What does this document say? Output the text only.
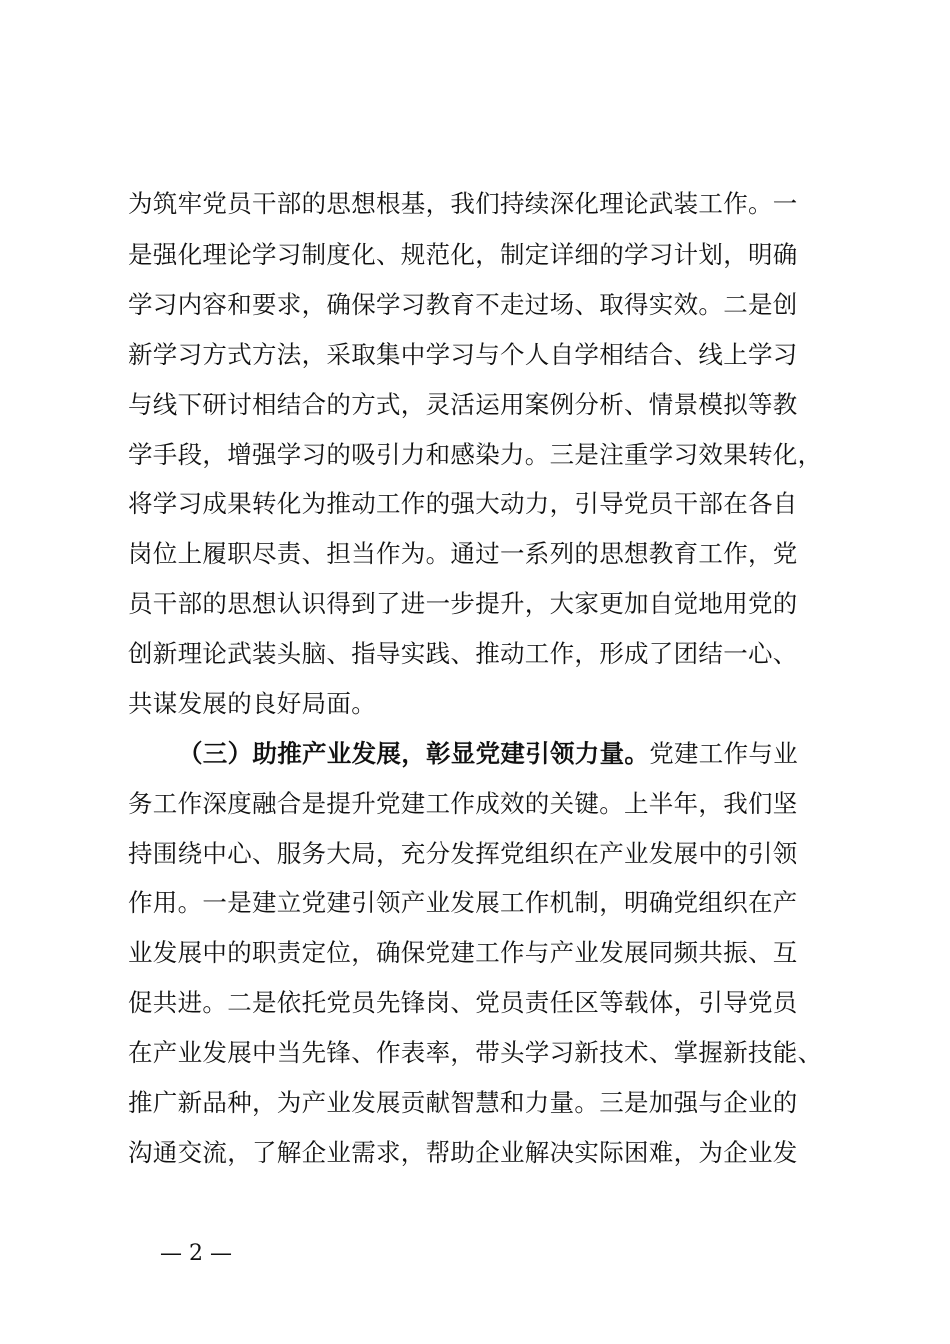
为筑牢党员干部的思想根基，我们持续深化理论武装工作。一
是强化理论学习制度化、规范化，制定详细的学习计划，明确
学习内容和要求，确保学习教育不走过场、取得实效。二是创
新学习方式方法，采取集中学习与个人自学相结合、线上学习
与线下研讨相结合的方式，灵活运用案例分析、情景模拟等教
学手段，增强学习的吸引力和感染力。三是注重学习效果转化，
将学习成果转化为推动工作的强大动力，引导党员干部在各自
岗位上履职尽责、担当作为。通过一系列的思想教育工作，党
员干部的思想认识得到了进一步提升，大家更加自觉地用党的
创新理论武装头脑、指导实践、推动工作，形成了团结一心、
共谋发展的良好局面。
（三）助推产业发展，彰显党建引领力量。党建工作与业
务工作深度融合是提升党建工作成效的关键。上半年，我们坚
持围绕中心、服务大局，充分发挥党组织在产业发展中的引领
作用。一是建立党建引领产业发展工作机制，明确党组织在产
业发展中的职责定位，确保党建工作与产业发展同频共振、互
促共进。二是依托党员先锋岗、党员责任区等载体，引导党员
在产业发展中当先锋、作表率，带头学习新技术、掌握新技能、
推广新品种，为产业发展贡献智慧和力量。三是加强与企业的
沟通交流，了解企业需求，帮助企业解决实际困难，为企业发
— 2 —
